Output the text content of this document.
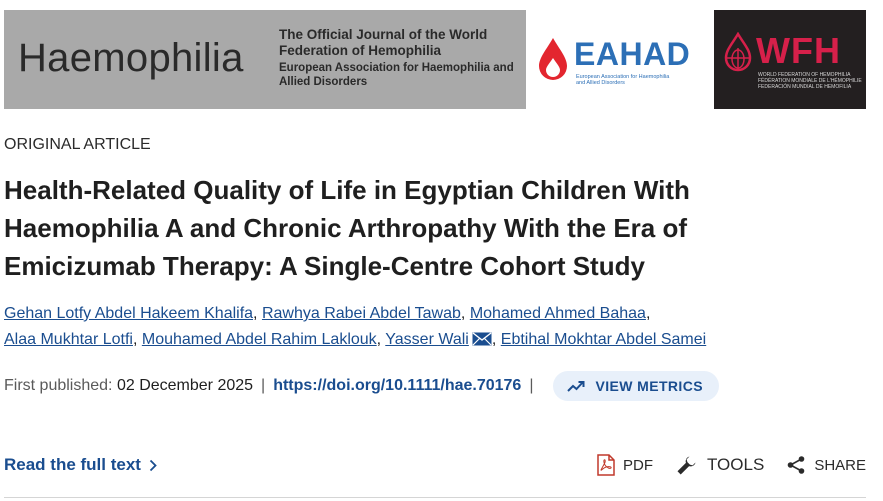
Haemophilia
The Official Journal of the World Federation of Hemophilia
European Association for Haemophilia and Allied Disorders
EAHAD
European Association for Haemophilia and Allied Disorders
WFH
WORLD FEDERATION OF HEMOPHILIA FÉDÉRATION MONDIALE DE L'HÉMOPHILIE FEDERACIÓN MUNDIAL DE HEMOFILIA
ORIGINAL ARTICLE
Health-Related Quality of Life in Egyptian Children With Haemophilia A and Chronic Arthropathy With the Era of Emicizumab Therapy: A Single-Centre Cohort Study
Gehan Lotfy Abdel Hakeem Khalifa, Rawhya Rabei Abdel Tawab, Mohamed Ahmed Bahaa,
Alaa Mukhtar Lotfi, Mouhamed Abdel Rahim Laklouk, Yasser Wali , Ebtihal Mokhtar Abdel Samei
First published:
02 December 2025 | https://doi.org/10.1111/hae.70176 |	VIEW METRICS
Read the full text	PDF	TOOLS	SHARE
